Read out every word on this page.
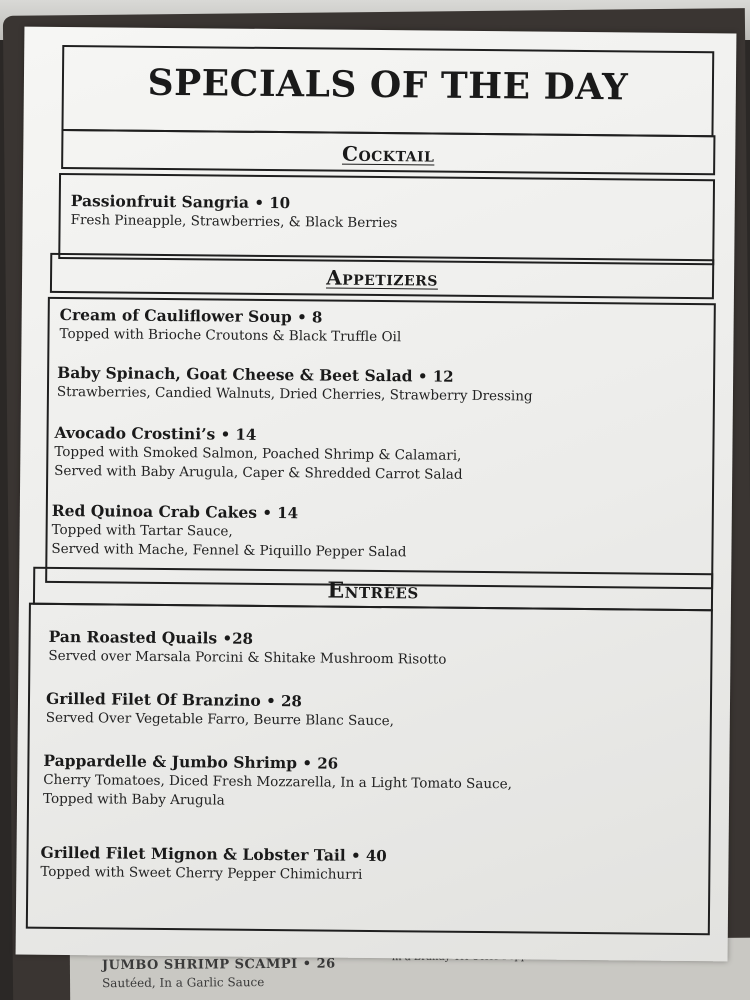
JUMBO SHRIMP SCAMPI • 26
Sautéed, In a Garlic Sauce
SPECIALS OF THE DAY
Cocktail
Passionfruit Sangria • 10
Fresh Pineapple, Strawberries, & Black Berries
Appetizers
Cream of Cauliflower Soup • 8
Topped with Brioche Croutons & Black Truffle Oil
Baby Spinach, Goat Cheese & Beet Salad • 12
Strawberries, Candied Walnuts, Dried Cherries, Strawberry Dressing
Avocado Crostini’s • 14
Topped with Smoked Salmon, Poached Shrimp & Calamari,
Served with Baby Arugula, Caper & Shredded Carrot Salad
Red Quinoa Crab Cakes • 14
Topped with Tartar Sauce,
Served with Mache, Fennel & Piquillo Pepper Salad
Entrées
Pan Roasted Quails •28
Served over Marsala Porcini & Shitake Mushroom Risotto
Grilled Filet Of Branzino • 28
Served Over Vegetable Farro, Beurre Blanc Sauce,
Pappardelle & Jumbo Shrimp • 26
Cherry Tomatoes, Diced Fresh Mozzarella, In a Light Tomato Sauce,
Topped with Baby Arugula
Grilled Filet Mignon & Lobster Tail • 40
Topped with Sweet Cherry Pepper Chimichurri
